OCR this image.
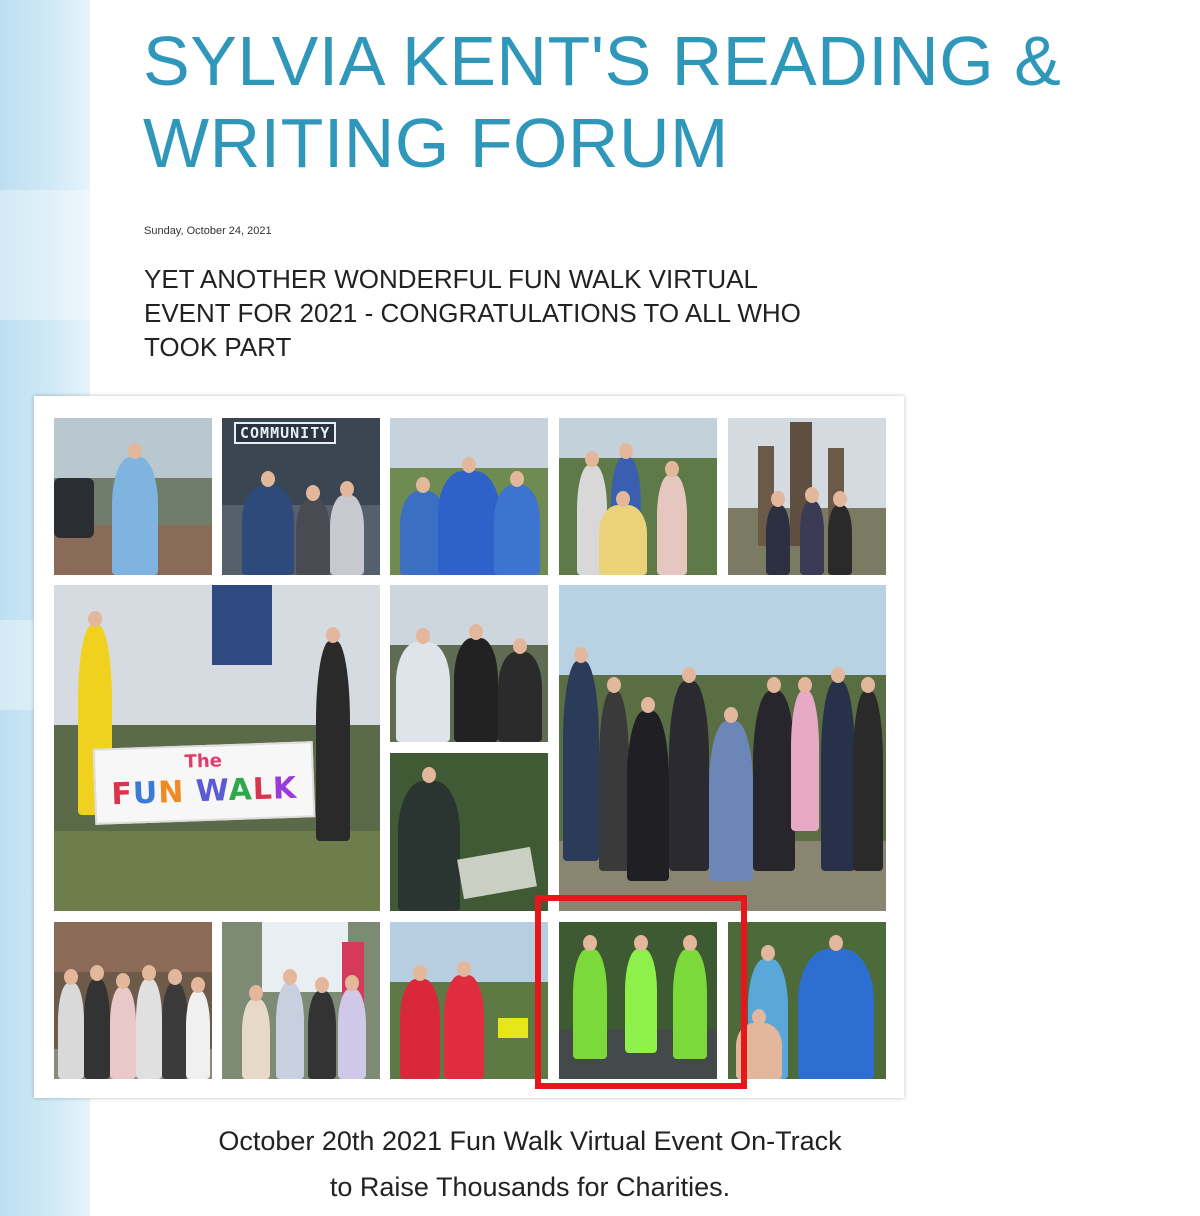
SYLVIA KENT'S READING &
WRITING FORUM

Sunday, October 24, 2021

YET ANOTHER WONDERFUL FUN WALK VIRTUAL
EVENT FOR 2021 - CONGRATULATIONS TO ALL WHO
TOOK PART
COMMUNITY
The
FUN WALK

October 20th 2021 Fun Walk Virtual Event On-Track
to Raise Thousands for Charities.
